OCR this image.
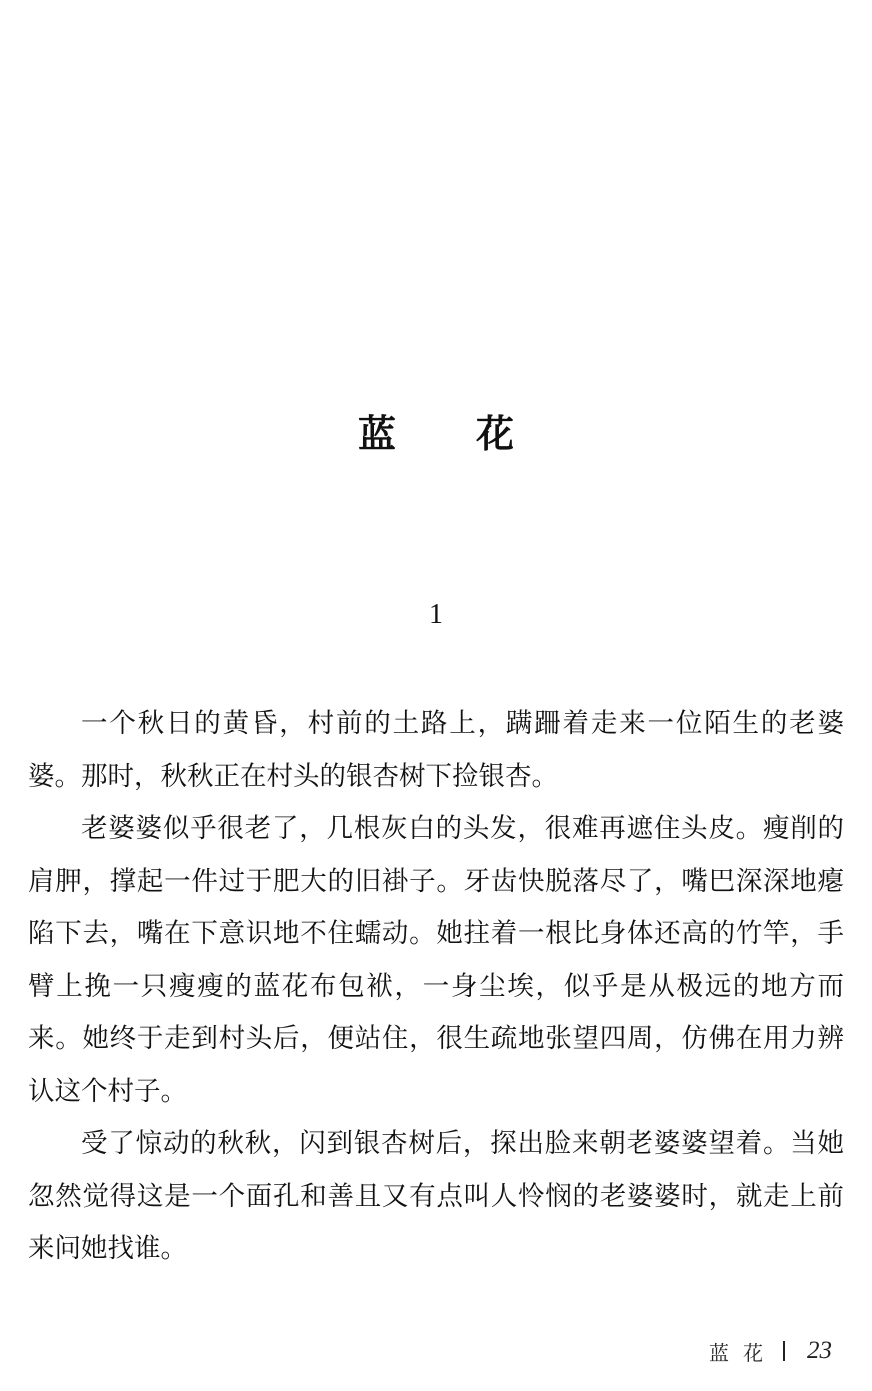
蓝 花
1

一个秋日的黄昏，村前的土路上，蹒跚着走来一位陌生的老婆婆。那时，秋秋正在村头的银杏树下捡银杏。

老婆婆似乎很老了，几根灰白的头发，很难再遮住头皮。瘦削的肩胛，撑起一件过于肥大的旧褂子。牙齿快脱落尽了，嘴巴深深地瘪陷下去，嘴在下意识地不住蠕动。她拄着一根比身体还高的竹竿，手臂上挽一只瘦瘦的蓝花布包袱，一身尘埃，似乎是从极远的地方而来。她终于走到村头后，便站住，很生疏地张望四周，仿佛在用力辨认这个村子。

受了惊动的秋秋，闪到银杏树后，探出脸来朝老婆婆望着。当她忽然觉得这是一个面孔和善且又有点叫人怜悯的老婆婆时，就走上前来问她找谁。

蓝花 23
